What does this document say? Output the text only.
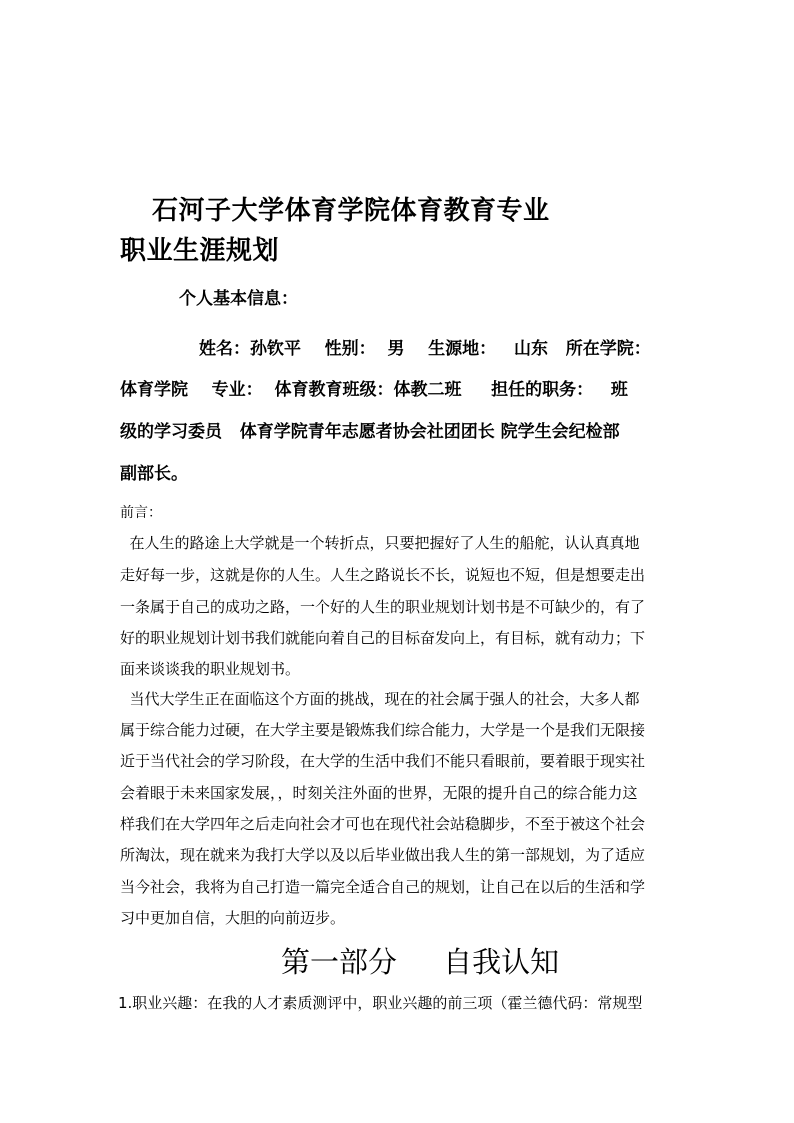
石河子大学体育学院体育教育专业
职业生涯规划
个人基本信息：
姓名：孙钦平    性别：  男    生源地：   山东   所在学院：
体育学院    专业：  体育教育班级：体教二班     担任的职务：   班
级的学习委员   体育学院青年志愿者协会社团团长 院学生会纪检部
副部长。
前言：
在人生的路途上大学就是一个转折点，只要把握好了人生的船舵，认认真真地
走好每一步，这就是你的人生。人生之路说长不长，说短也不短，但是想要走出
一条属于自己的成功之路，一个好的人生的职业规划计划书是不可缺少的，有了
好的职业规划计划书我们就能向着自己的目标奋发向上，有目标，就有动力；下
面来谈谈我的职业规划书。
当代大学生正在面临这个方面的挑战，现在的社会属于强人的社会，大多人都
属于综合能力过硬，在大学主要是锻炼我们综合能力，大学是一个是我们无限接
近于当代社会的学习阶段，在大学的生活中我们不能只看眼前，要着眼于现实社
会着眼于未来国家发展，，时刻关注外面的世界，无限的提升自己的综合能力这
样我们在大学四年之后走向社会才可也在现代社会站稳脚步，不至于被这个社会
所淘汰，现在就来为我打大学以及以后毕业做出我人生的第一部规划，为了适应
当今社会，我将为自己打造一篇完全适合自己的规划，让自己在以后的生活和学
习中更加自信，大胆的向前迈步。
第一部分     自我认知
1.职业兴趣：在我的人才素质测评中，职业兴趣的前三项（霍兰德代码：常规型
